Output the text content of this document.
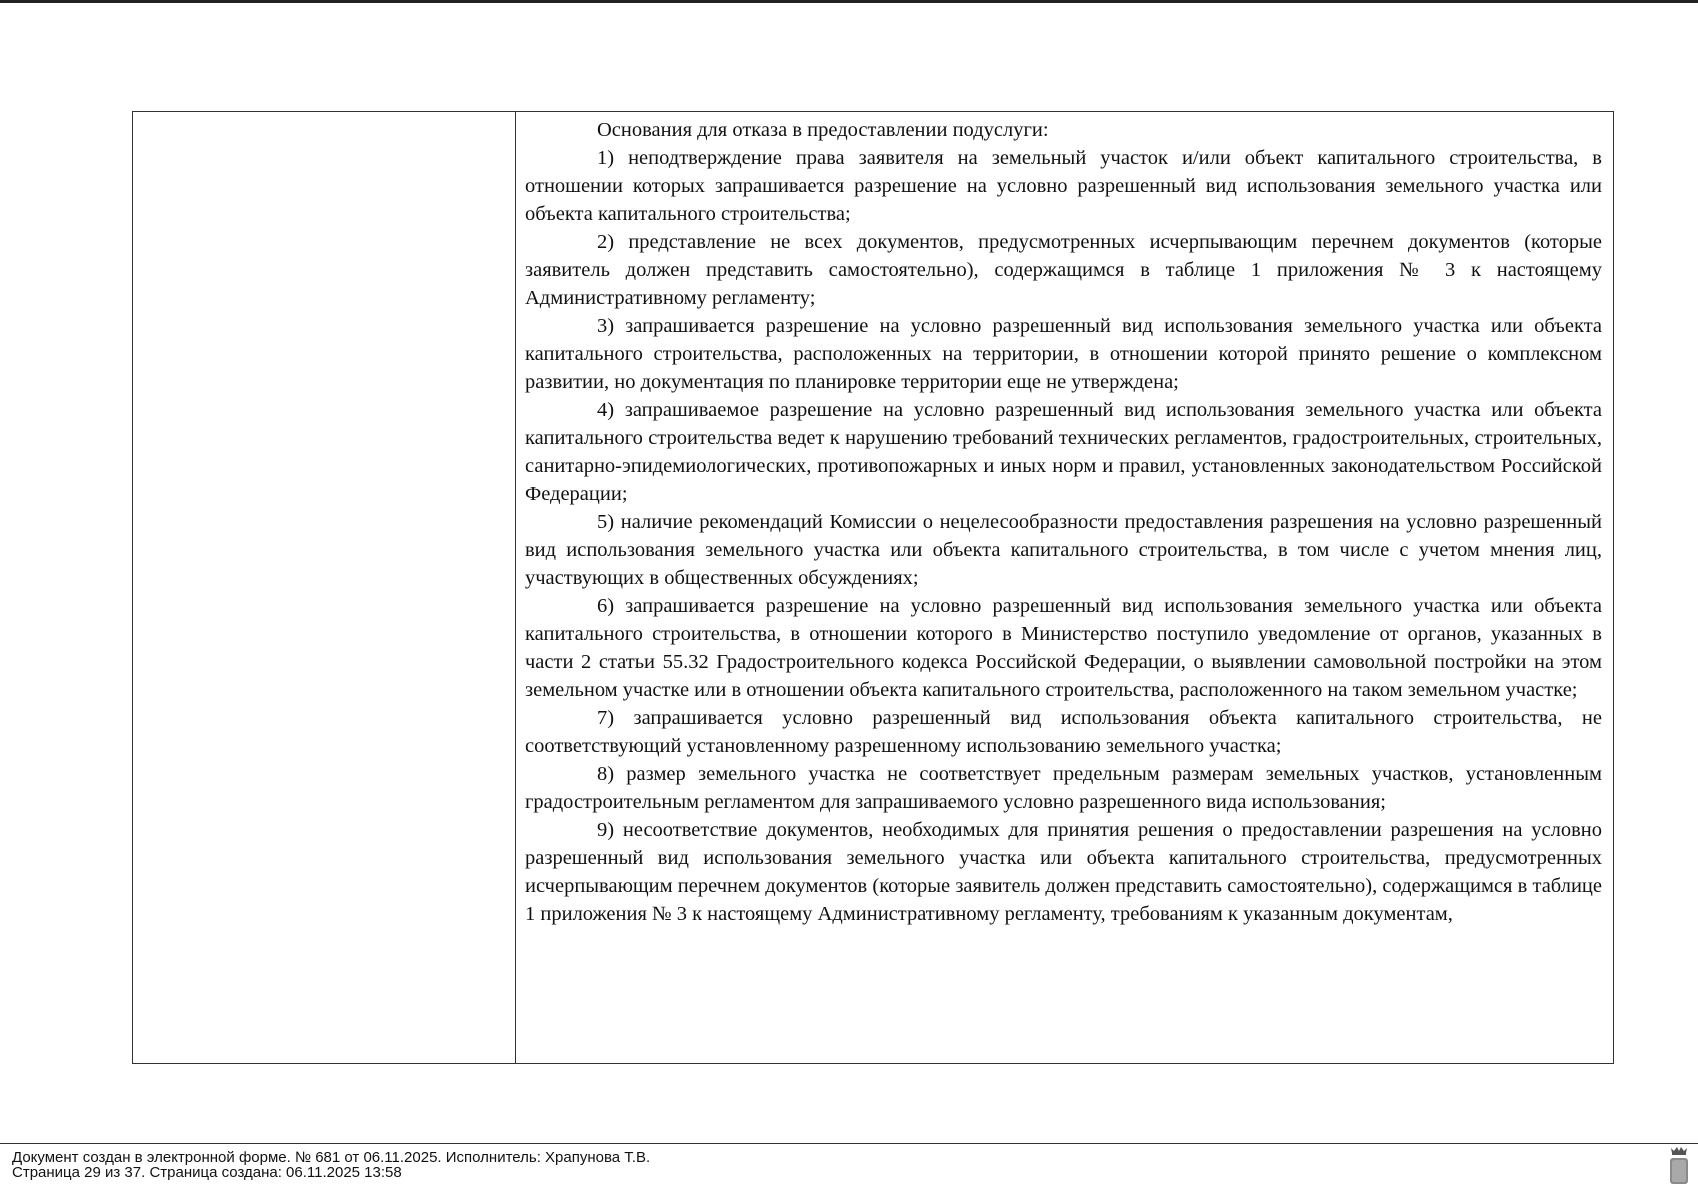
Основания для отказа в предоставлении подуслуги:

1) неподтверждение права заявителя на земельный участок и/или объект капитального строительства, в отношении которых запрашивается разрешение на условно разрешенный вид использования земельного участка или объекта капитального строительства;

2) представление не всех документов, предусмотренных исчерпывающим перечнем документов (которые заявитель должен представить самостоятельно), содержащимся в таблице 1 приложения № 3 к настоящему Административному регламенту;

3) запрашивается разрешение на условно разрешенный вид использования земельного участка или объекта капитального строительства, расположенных на территории, в отношении которой принято решение о комплексном развитии, но документация по планировке территории еще не утверждена;

4) запрашиваемое разрешение на условно разрешенный вид использования земельного участка или объекта капитального строительства ведет к нарушению требований технических регламентов, градостроительных, строительных, санитарно-эпидемиологических, противопожарных и иных норм и правил, установленных законодательством Российской Федерации;

5) наличие рекомендаций Комиссии о нецелесообразности предоставления разрешения на условно разрешенный вид использования земельного участка или объекта капитального строительства, в том числе с учетом мнения лиц, участвующих в общественных обсуждениях;

6) запрашивается разрешение на условно разрешенный вид использования земельного участка или объекта капитального строительства, в отношении которого в Министерство поступило уведомление от органов, указанных в части 2 статьи 55.32 Градостроительного кодекса Российской Федерации, о выявлении самовольной постройки на этом земельном участке или в отношении объекта капитального строительства, расположенного на таком земельном участке;

7) запрашивается условно разрешенный вид использования объекта капитального строительства, не соответствующий установленному разрешенному использованию земельного участка;

8) размер земельного участка не соответствует предельным размерам земельных участков, установленным градостроительным регламентом для запрашиваемого условно разрешенного вида использования;

9) несоответствие документов, необходимых для принятия решения о предоставлении разрешения на условно разрешенный вид использования земельного участка или объекта капитального строительства, предусмотренных исчерпывающим перечнем документов (которые заявитель должен представить самостоятельно), содержащимся в таблице 1 приложения № 3 к настоящему Административному регламенту, требованиям к указанным документам,

Документ создан в электронной форме. № 681 от 06.11.2025. Исполнитель: Храпунова Т.В.
Страница 29 из 37. Страница создана: 06.11.2025 13:58
